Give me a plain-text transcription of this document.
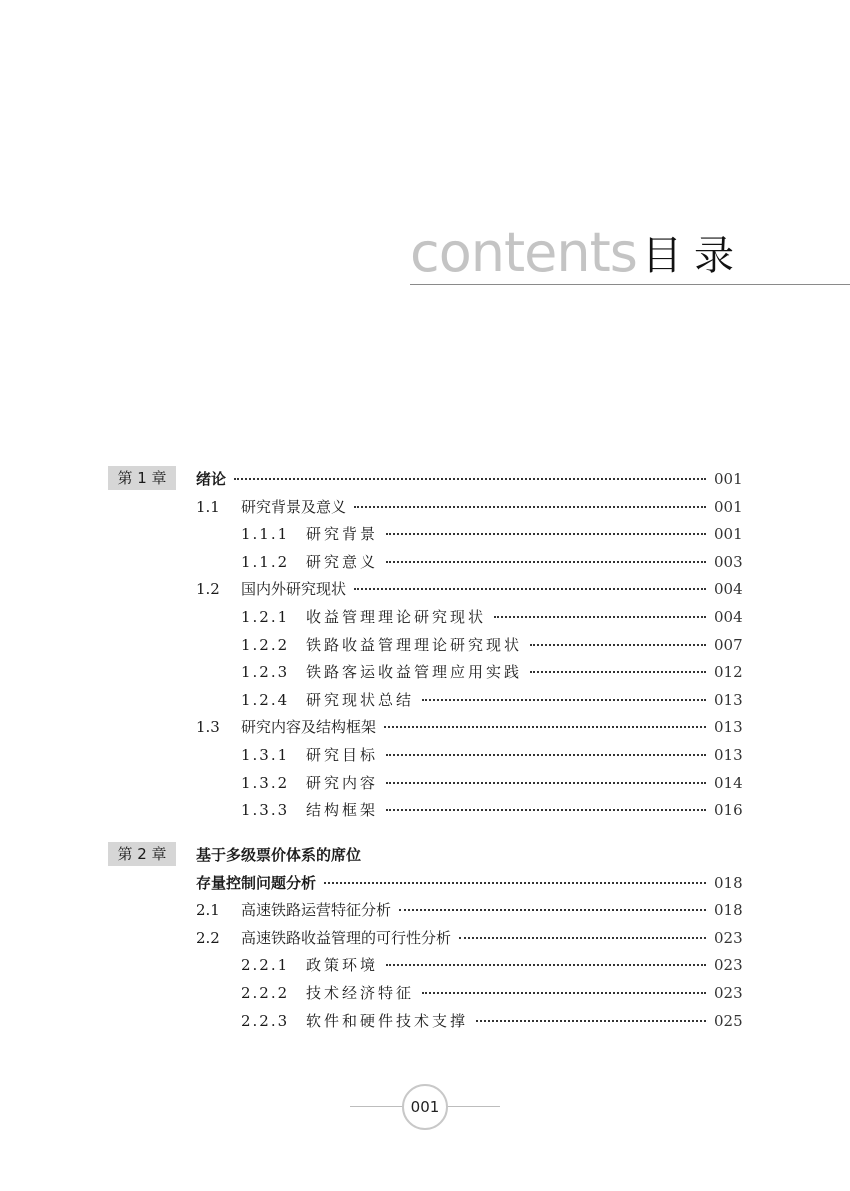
contents 目录
第 1 章	绪论	001
1.1	研究背景及意义	001
1.1.1	研究背景	001
1.1.2	研究意义	003
1.2	国内外研究现状	004
1.2.1	收益管理理论研究现状	004
1.2.2	铁路收益管理理论研究现状	007
1.2.3	铁路客运收益管理应用实践	012
1.2.4	研究现状总结	013
1.3	研究内容及结构框架	013
1.3.1	研究目标	013
1.3.2	研究内容	014
1.3.3	结构框架	016
第 2 章	基于多级票价体系的席位
存量控制问题分析	018
2.1	高速铁路运营特征分析	018
2.2	高速铁路收益管理的可行性分析	023
2.2.1	政策环境	023
2.2.2	技术经济特征	023
2.2.3	软件和硬件技术支撑	025
001
